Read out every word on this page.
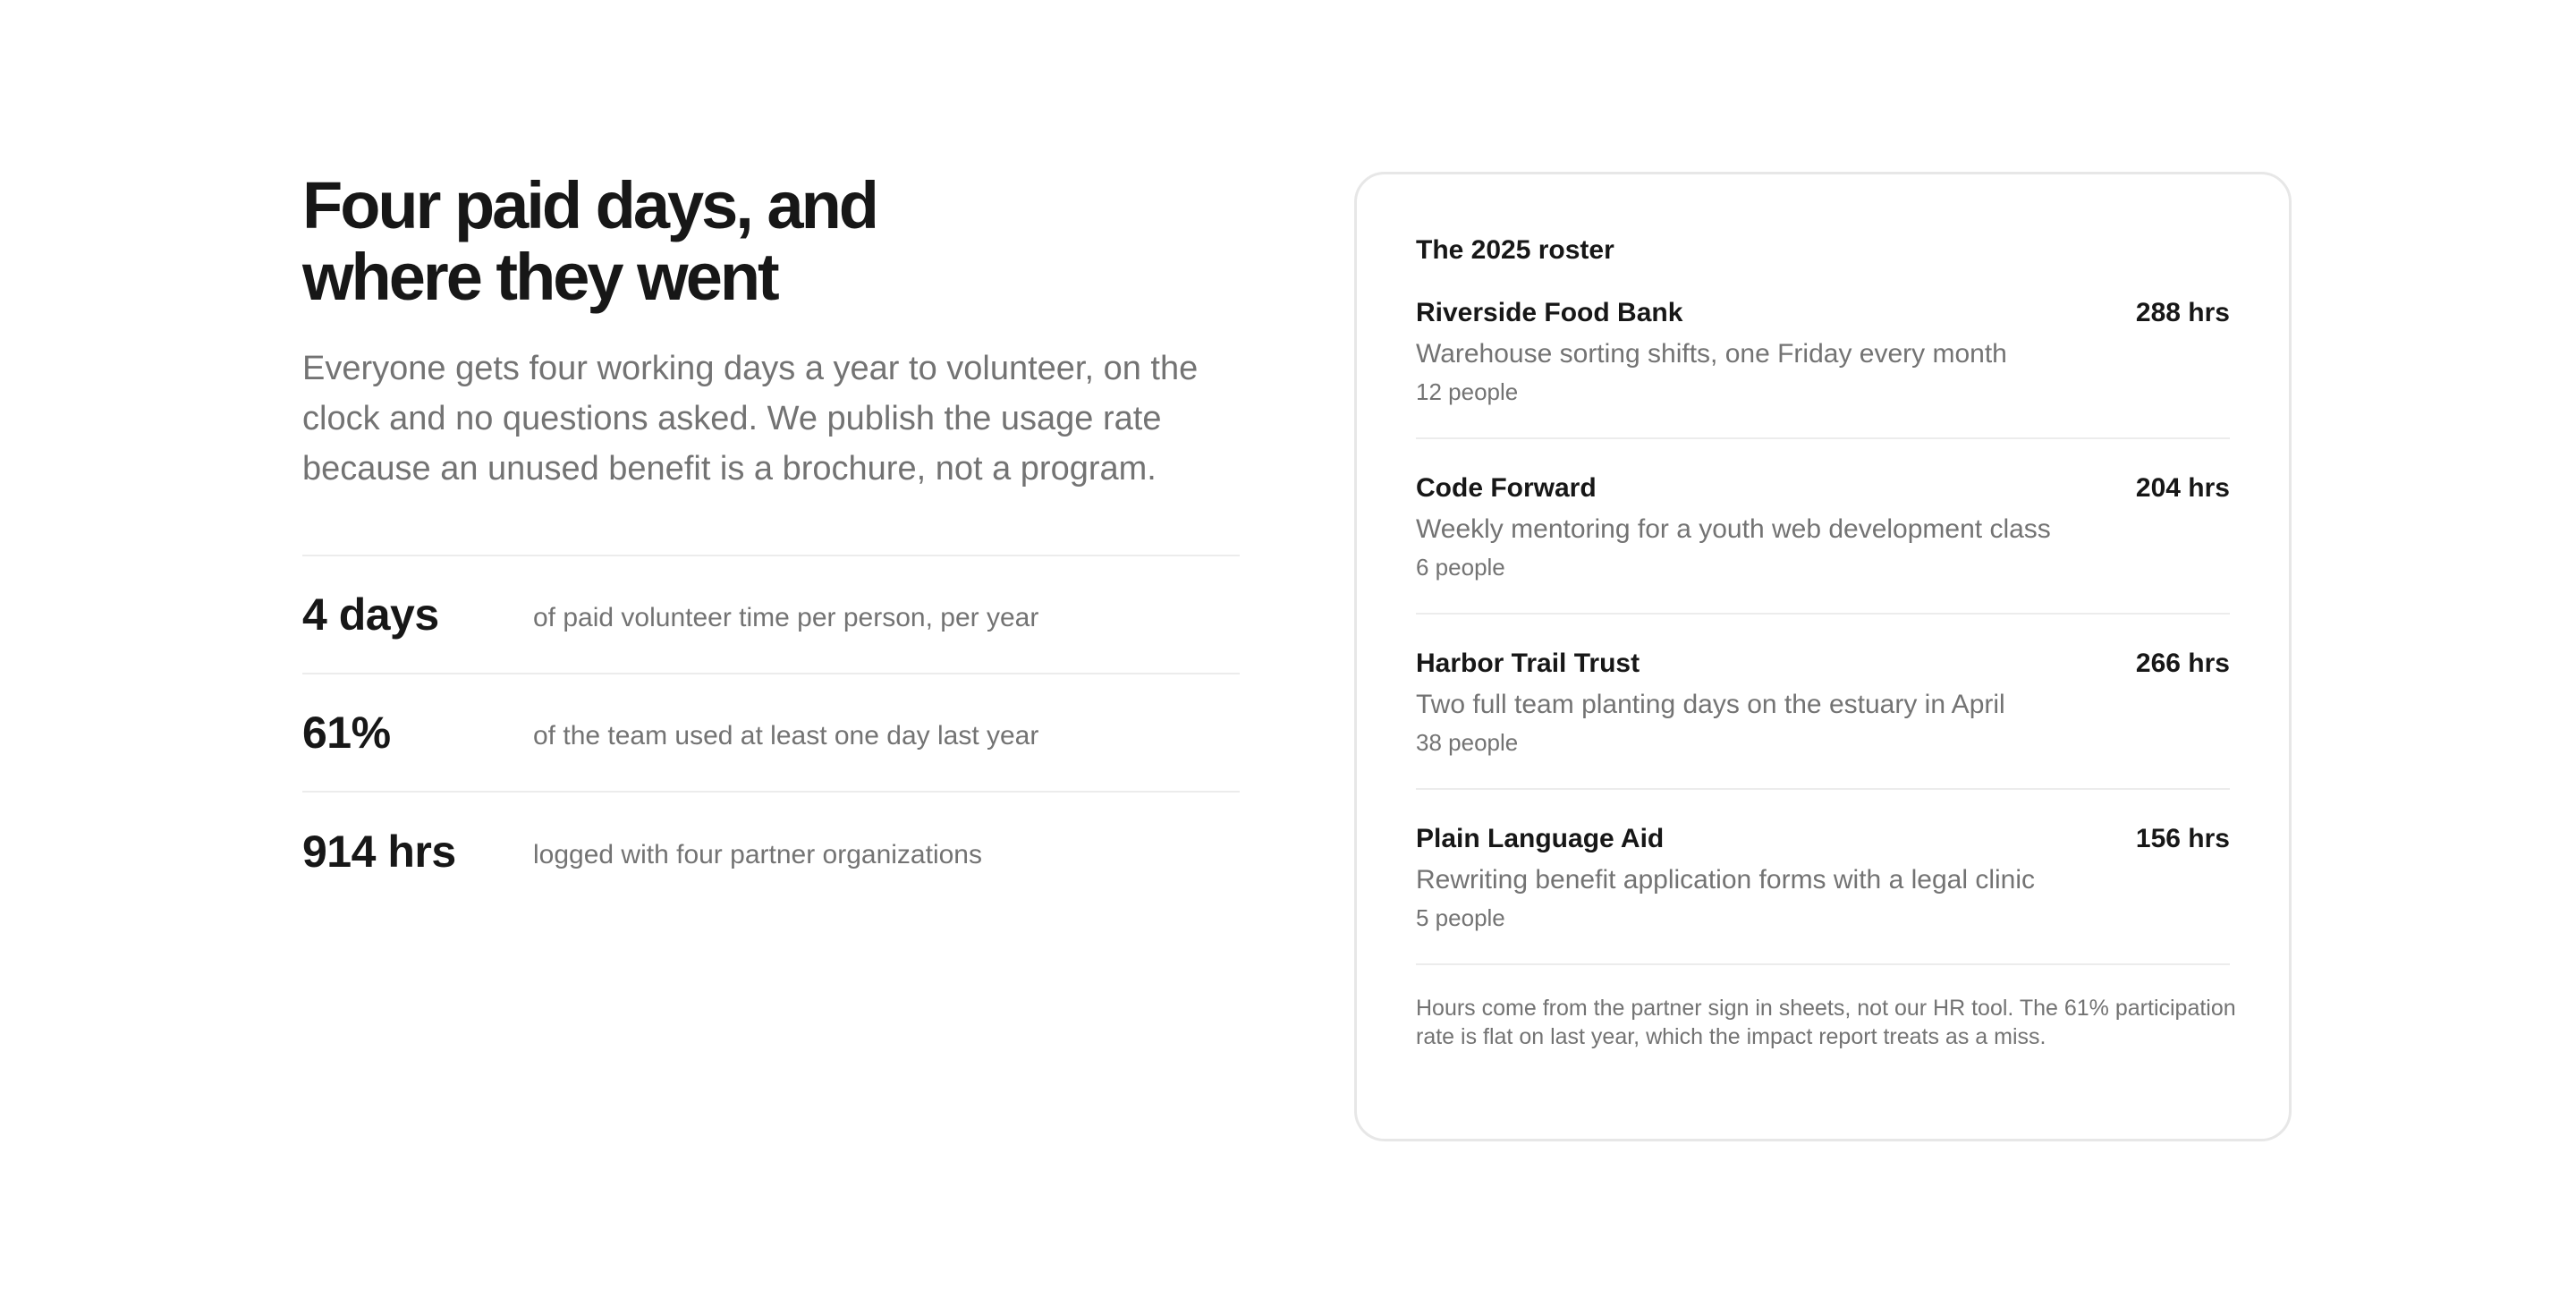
Four paid days, and
where they went

Everyone gets four working days a year to volunteer, on the clock and no questions asked. We publish the usage rate because an unused benefit is a brochure, not a program.

4 days	of paid volunteer time per person, per year
61%	of the team used at least one day last year
914 hrs	logged with four partner organizations
The 2025 roster
Riverside Food Bank	288 hrs
Warehouse sorting shifts, one Friday every month
12 people
Code Forward	204 hrs
Weekly mentoring for a youth web development class
6 people
Harbor Trail Trust	266 hrs
Two full team planting days on the estuary in April
38 people
Plain Language Aid	156 hrs
Rewriting benefit application forms with a legal clinic
5 people

Hours come from the partner sign in sheets, not our HR tool. The 61% participation rate is flat on last year, which the impact report treats as a miss.
